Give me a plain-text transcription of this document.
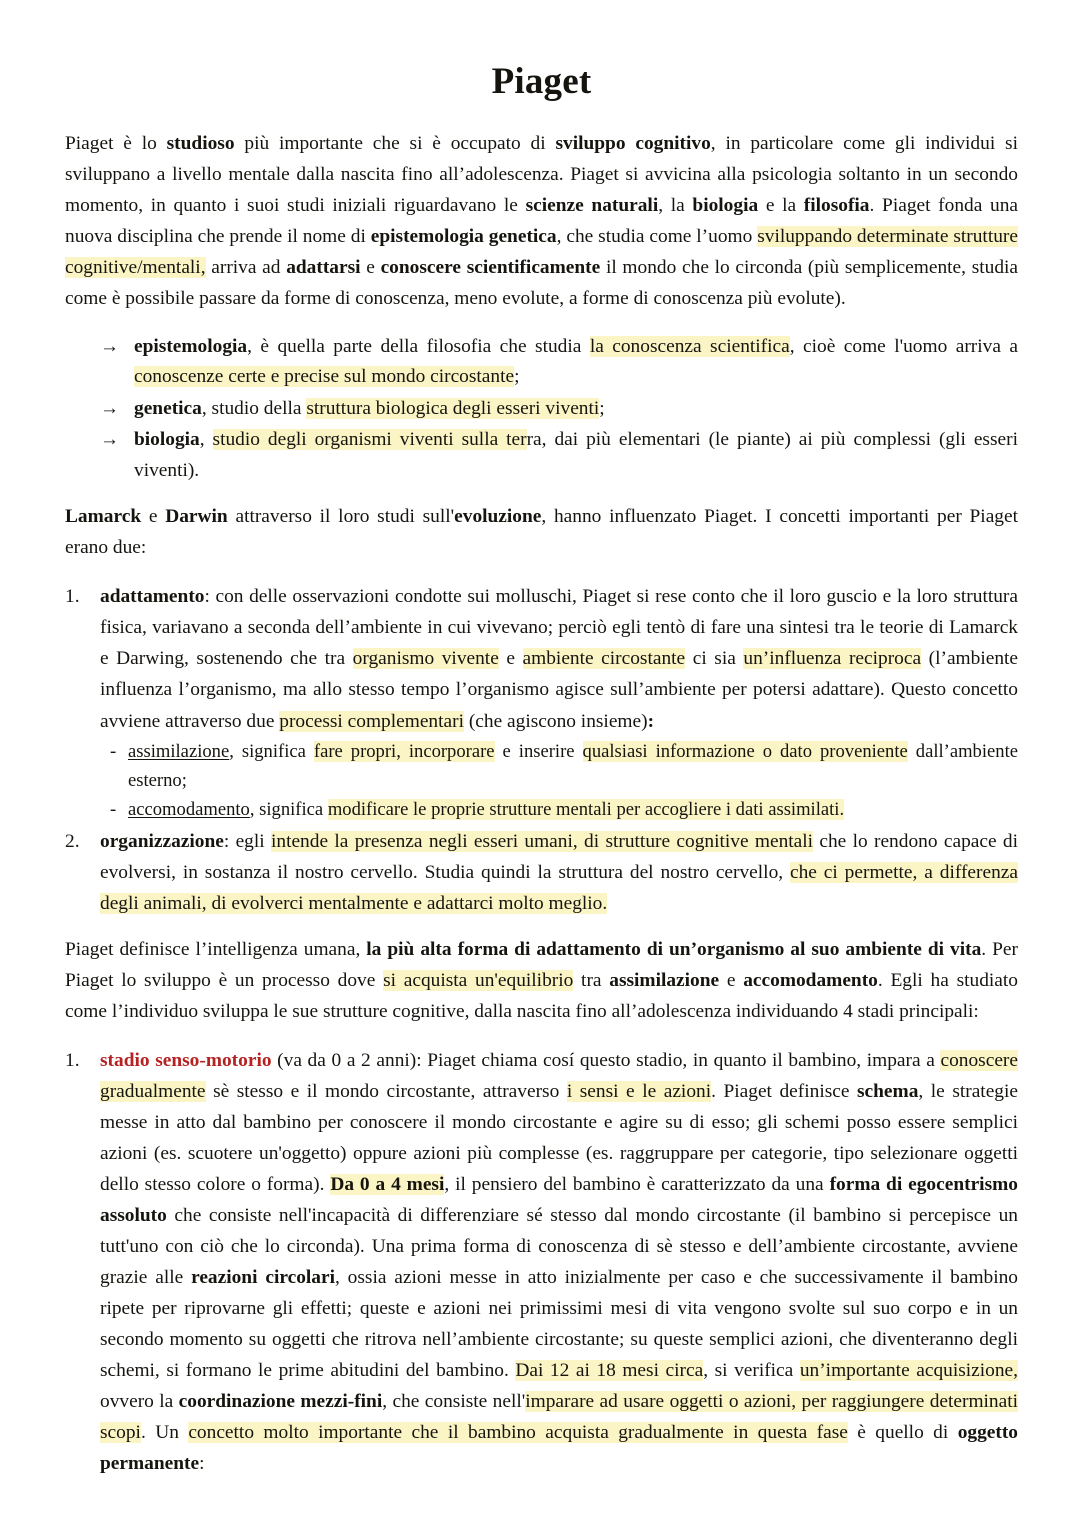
Piaget

Piaget è lo studioso più importante che si è occupato di sviluppo cognitivo, in particolare come gli individui si sviluppano a livello mentale dalla nascita fino all’adolescenza. Piaget si avvicina alla psicologia soltanto in un secondo momento, in quanto i suoi studi iniziali riguardavano le scienze naturali, la biologia e la filosofia. Piaget fonda una nuova disciplina che prende il nome di epistemologia genetica, che studia come l’uomo sviluppando determinate strutture cognitive/mentali, arriva ad adattarsi e conoscere scientificamente il mondo che lo circonda (più semplicemente, studia come è possibile passare da forme di conoscenza, meno evolute, a forme di conoscenza più evolute).

→ epistemologia, è quella parte della filosofia che studia la conoscenza scientifica, cioè come l'uomo arriva a conoscenze certe e precise sul mondo circostante;
→ genetica, studio della struttura biologica degli esseri viventi;
→ biologia, studio degli organismi viventi sulla terra, dai più elementari (le piante) ai più complessi (gli esseri viventi).

Lamarck e Darwin attraverso il loro studi sull'evoluzione, hanno influenzato Piaget. I concetti importanti per Piaget erano due:

1. adattamento: con delle osservazioni condotte sui molluschi, Piaget si rese conto che il loro guscio e la loro struttura fisica, variavano a seconda dell’ambiente in cui vivevano; perciò egli tentò di fare una sintesi tra le teorie di Lamarck e Darwing, sostenendo che tra organismo vivente e ambiente circostante ci sia un’influenza reciproca (l’ambiente influenza l’organismo, ma allo stesso tempo l’organismo agisce sull’ambiente per potersi adattare). Questo concetto avviene attraverso due processi complementari (che agiscono insieme):
- assimilazione, significa fare propri, incorporare e inserire qualsiasi informazione o dato proveniente dall’ambiente esterno;
- accomodamento, significa modificare le proprie strutture mentali per accogliere i dati assimilati.
2. organizzazione: egli intende la presenza negli esseri umani, di strutture cognitive mentali che lo rendono capace di evolversi, in sostanza il nostro cervello. Studia quindi la struttura del nostro cervello, che ci permette, a differenza degli animali, di evolverci mentalmente e adattarci molto meglio.

Piaget definisce l’intelligenza umana, la più alta forma di adattamento di un’organismo al suo ambiente di vita. Per Piaget lo sviluppo è un processo dove si acquista un'equilibrio tra assimilazione e accomodamento. Egli ha studiato come l’individuo sviluppa le sue strutture cognitive, dalla nascita fino all’adolescenza individuando 4 stadi principali:

1. stadio senso-motorio (va da 0 a 2 anni): Piaget chiama cosí questo stadio, in quanto il bambino, impara a conoscere gradualmente sè stesso e il mondo circostante, attraverso i sensi e le azioni. Piaget definisce schema, le strategie messe in atto dal bambino per conoscere il mondo circostante e agire su di esso; gli schemi posso essere semplici azioni (es. scuotere un'oggetto) oppure azioni più complesse (es. raggruppare per categorie, tipo selezionare oggetti dello stesso colore o forma). Da 0 a 4 mesi, il pensiero del bambino è caratterizzato da una forma di egocentrismo assoluto che consiste nell'incapacità di differenziare sé stesso dal mondo circostante (il bambino si percepisce un tutt'uno con ciò che lo circonda). Una prima forma di conoscenza di sè stesso e dell’ambiente circostante, avviene grazie alle reazioni circolari, ossia azioni messe in atto inizialmente per caso e che successivamente il bambino ripete per riprovarne gli effetti; queste e azioni nei primissimi mesi di vita vengono svolte sul suo corpo e in un secondo momento su oggetti che ritrova nell’ambiente circostante; su queste semplici azioni, che diventeranno degli schemi, si formano le prime abitudini del bambino. Dai 12 ai 18 mesi circa, si verifica un’importante acquisizione, ovvero la coordinazione mezzi-fini, che consiste nell'imparare ad usare oggetti o azioni, per raggiungere determinati scopi. Un concetto molto importante che il bambino acquista gradualmente in questa fase è quello di oggetto permanente:
